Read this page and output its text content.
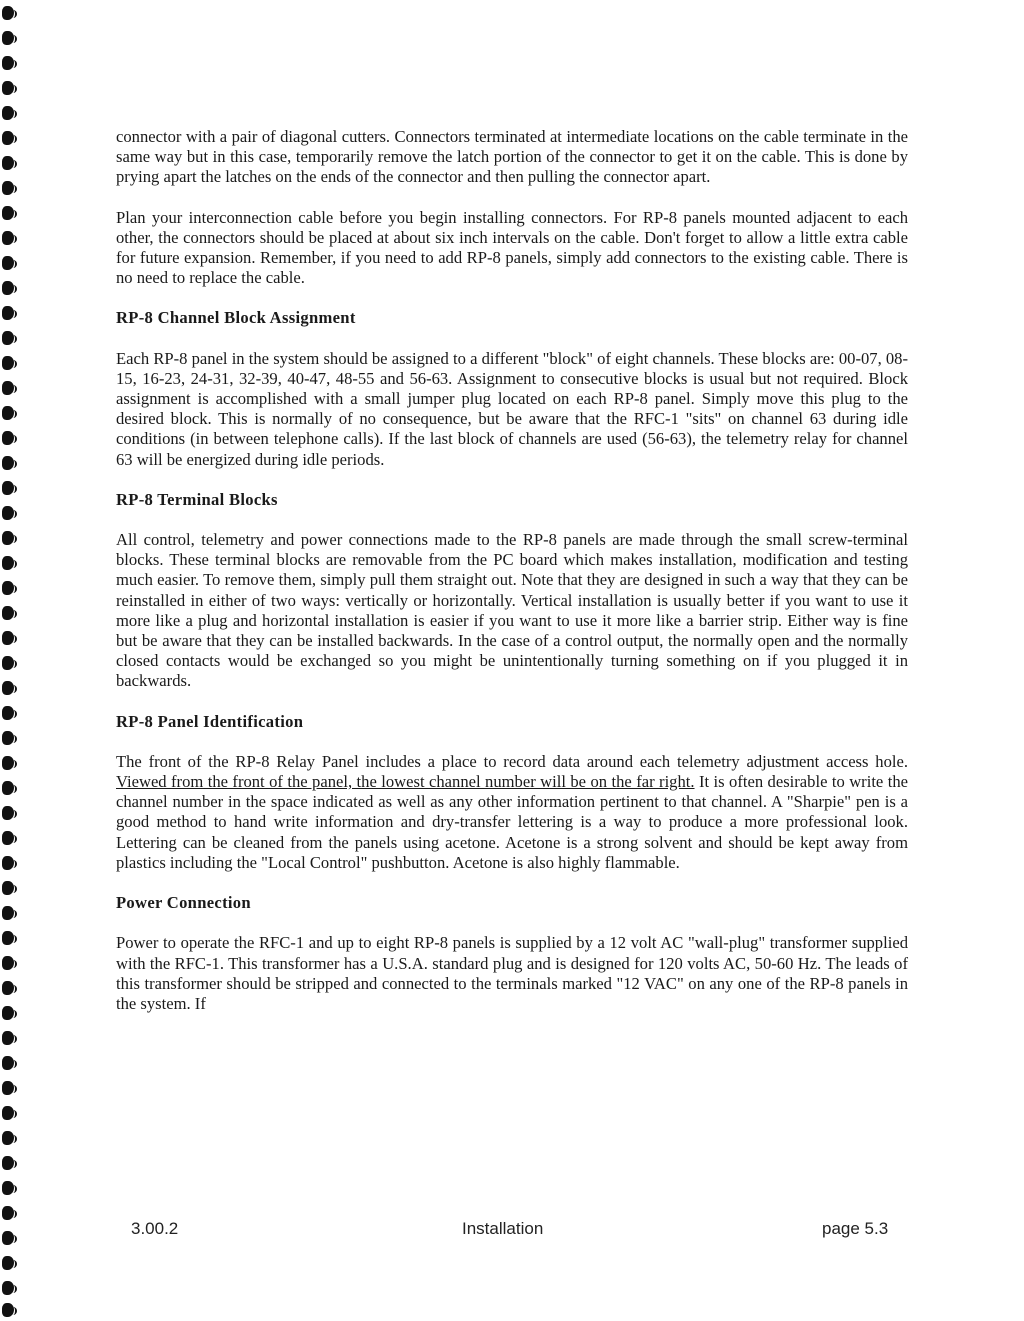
connector with a pair of diagonal cutters. Connectors terminated at intermediate locations on the cable terminate in the same way but in this case, temporarily remove the latch portion of the connector to get it on the cable. This is done by prying apart the latches on the ends of the connector and then pulling the connector apart.

Plan your interconnection cable before you begin installing connectors. For RP-8 panels mounted adjacent to each other, the connectors should be placed at about six inch intervals on the cable. Don't forget to allow a little extra cable for future expansion. Remember, if you need to add RP-8 panels, simply add connectors to the existing cable. There is no need to replace the cable.

RP-8 Channel Block Assignment

Each RP-8 panel in the system should be assigned to a different "block" of eight channels. These blocks are: 00-07, 08-15, 16-23, 24-31, 32-39, 40-47, 48-55 and 56-63. Assignment to consecutive blocks is usual but not required. Block assignment is accomplished with a small jumper plug located on each RP-8 panel. Simply move this plug to the desired block. This is normally of no consequence, but be aware that the RFC-1 "sits" on channel 63 during idle conditions (in between telephone calls). If the last block of channels are used (56-63), the telemetry relay for channel 63 will be energized during idle periods.

RP-8 Terminal Blocks

All control, telemetry and power connections made to the RP-8 panels are made through the small screw-terminal blocks. These terminal blocks are removable from the PC board which makes installation, modification and testing much easier. To remove them, simply pull them straight out. Note that they are designed in such a way that they can be reinstalled in either of two ways: vertically or horizontally. Vertical installation is usually better if you want to use it more like a plug and horizontal installation is easier if you want to use it more like a barrier strip. Either way is fine but be aware that they can be installed backwards. In the case of a control output, the normally open and the normally closed contacts would be exchanged so you might be unintentionally turning something on if you plugged it in backwards.

RP-8 Panel Identification

The front of the RP-8 Relay Panel includes a place to record data around each telemetry adjustment access hole. Viewed from the front of the panel, the lowest channel number will be on the far right. It is often desirable to write the channel number in the space indicated as well as any other information pertinent to that channel. A "Sharpie" pen is a good method to hand write information and dry-transfer lettering is a way to produce a more professional look. Lettering can be cleaned from the panels using acetone. Acetone is a strong solvent and should be kept away from plastics including the "Local Control" pushbutton. Acetone is also highly flammable.

Power Connection

Power to operate the RFC-1 and up to eight RP-8 panels is supplied by a 12 volt AC "wall-plug" transformer supplied with the RFC-1. This transformer has a U.S.A. standard plug and is designed for 120 volts AC, 50-60 Hz. The leads of this transformer should be stripped and connected to the terminals marked "12 VAC" on any one of the RP-8 panels in the system. If

3.00.2	Installation	page 5.3
